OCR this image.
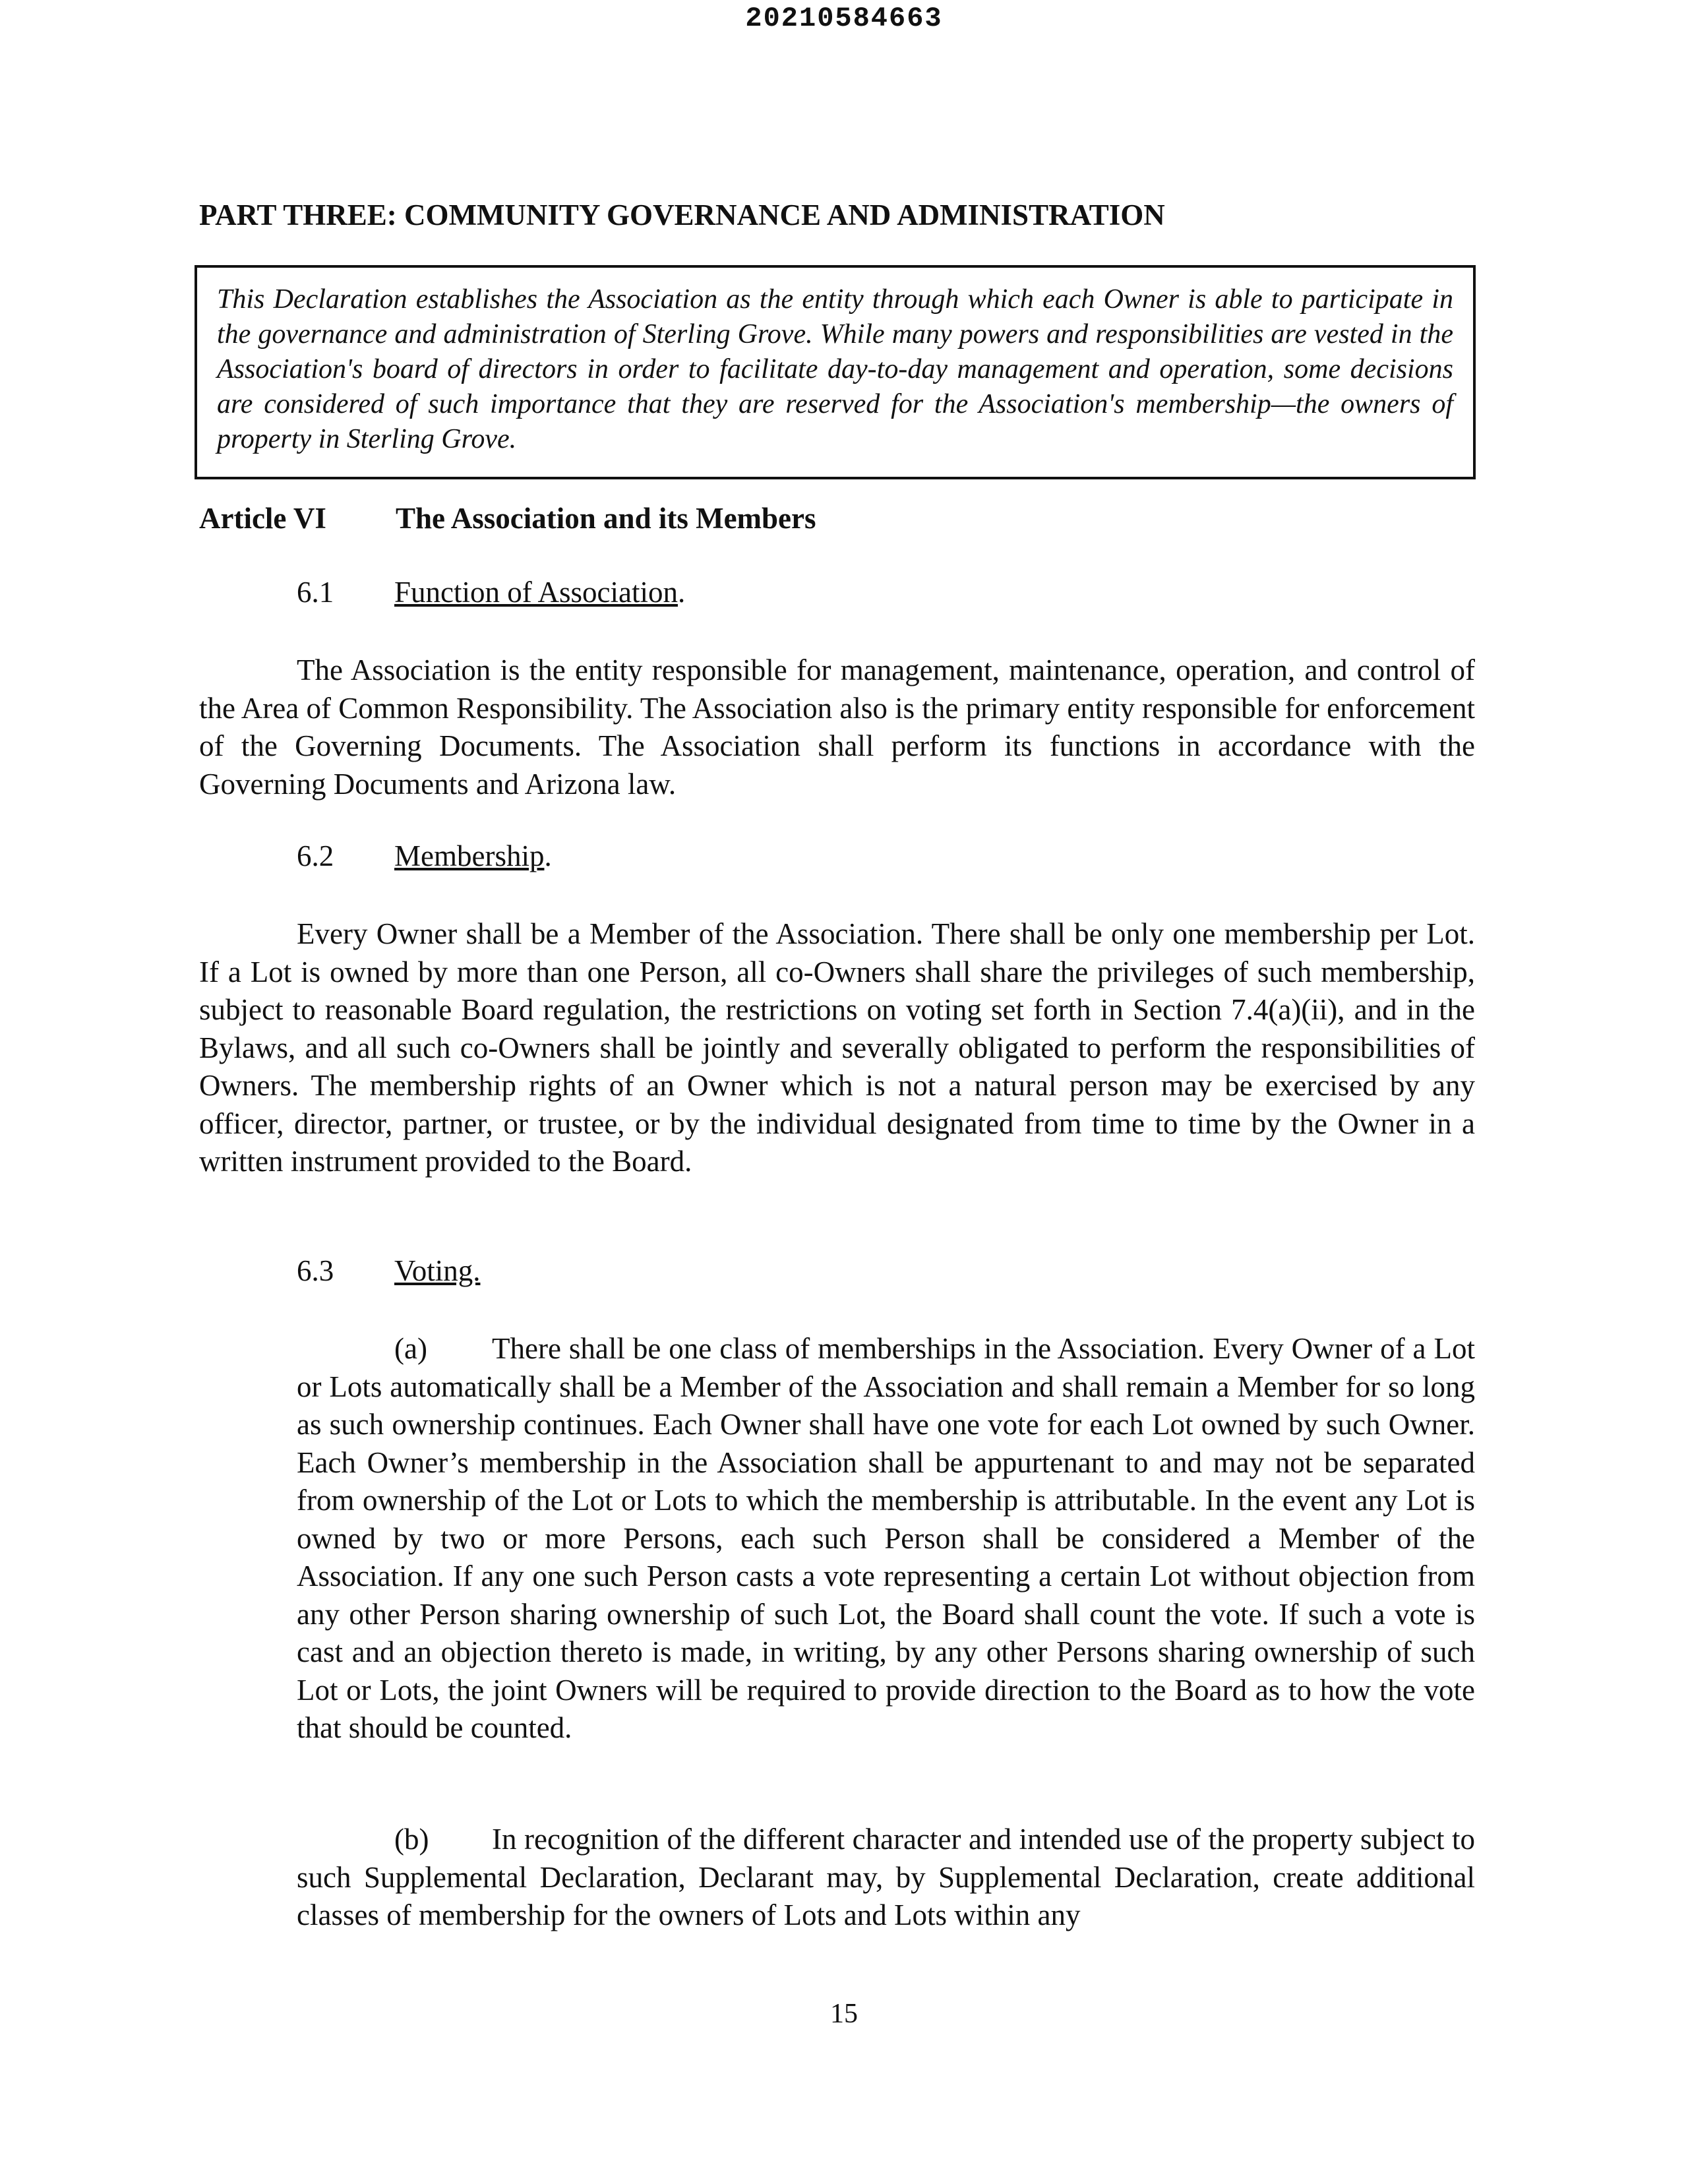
20210584663
PART THREE: COMMUNITY GOVERNANCE AND ADMINISTRATION

This Declaration establishes the Association as the entity through which each Owner is able to participate in the governance and administration of Sterling Grove. While many powers and responsibilities are vested in the Association's board of directors in order to facilitate day-to-day management and operation, some decisions are considered of such importance that they are reserved for the Association's membership—the owners of property in Sterling Grove.

Article VI The Association and its Members
6.1 Function of Association.

The Association is the entity responsible for management, maintenance, operation, and control of the Area of Common Responsibility. The Association also is the primary entity responsible for enforcement of the Governing Documents. The Association shall perform its functions in accordance with the Governing Documents and Arizona law.

6.2 Membership.

Every Owner shall be a Member of the Association. There shall be only one membership per Lot. If a Lot is owned by more than one Person, all co-Owners shall share the privileges of such membership, subject to reasonable Board regulation, the restrictions on voting set forth in Section 7.4(a)(ii), and in the Bylaws, and all such co-Owners shall be jointly and severally obligated to perform the responsibilities of Owners. The membership rights of an Owner which is not a natural person may be exercised by any officer, director, partner, or trustee, or by the individual designated from time to time by the Owner in a written instrument provided to the Board.

6.3 Voting.

(a) There shall be one class of memberships in the Association. Every Owner of a Lot or Lots automatically shall be a Member of the Association and shall remain a Member for so long as such ownership continues. Each Owner shall have one vote for each Lot owned by such Owner. Each Owner’s membership in the Association shall be appurtenant to and may not be separated from ownership of the Lot or Lots to which the membership is attributable. In the event any Lot is owned by two or more Persons, each such Person shall be considered a Member of the Association. If any one such Person casts a vote representing a certain Lot without objection from any other Person sharing ownership of such Lot, the Board shall count the vote. If such a vote is cast and an objection thereto is made, in writing, by any other Persons sharing ownership of such Lot or Lots, the joint Owners will be required to provide direction to the Board as to how the vote that should be counted.

(b) In recognition of the different character and intended use of the property subject to such Supplemental Declaration, Declarant may, by Supplemental Declaration, create additional classes of membership for the owners of Lots and Lots within any

15
